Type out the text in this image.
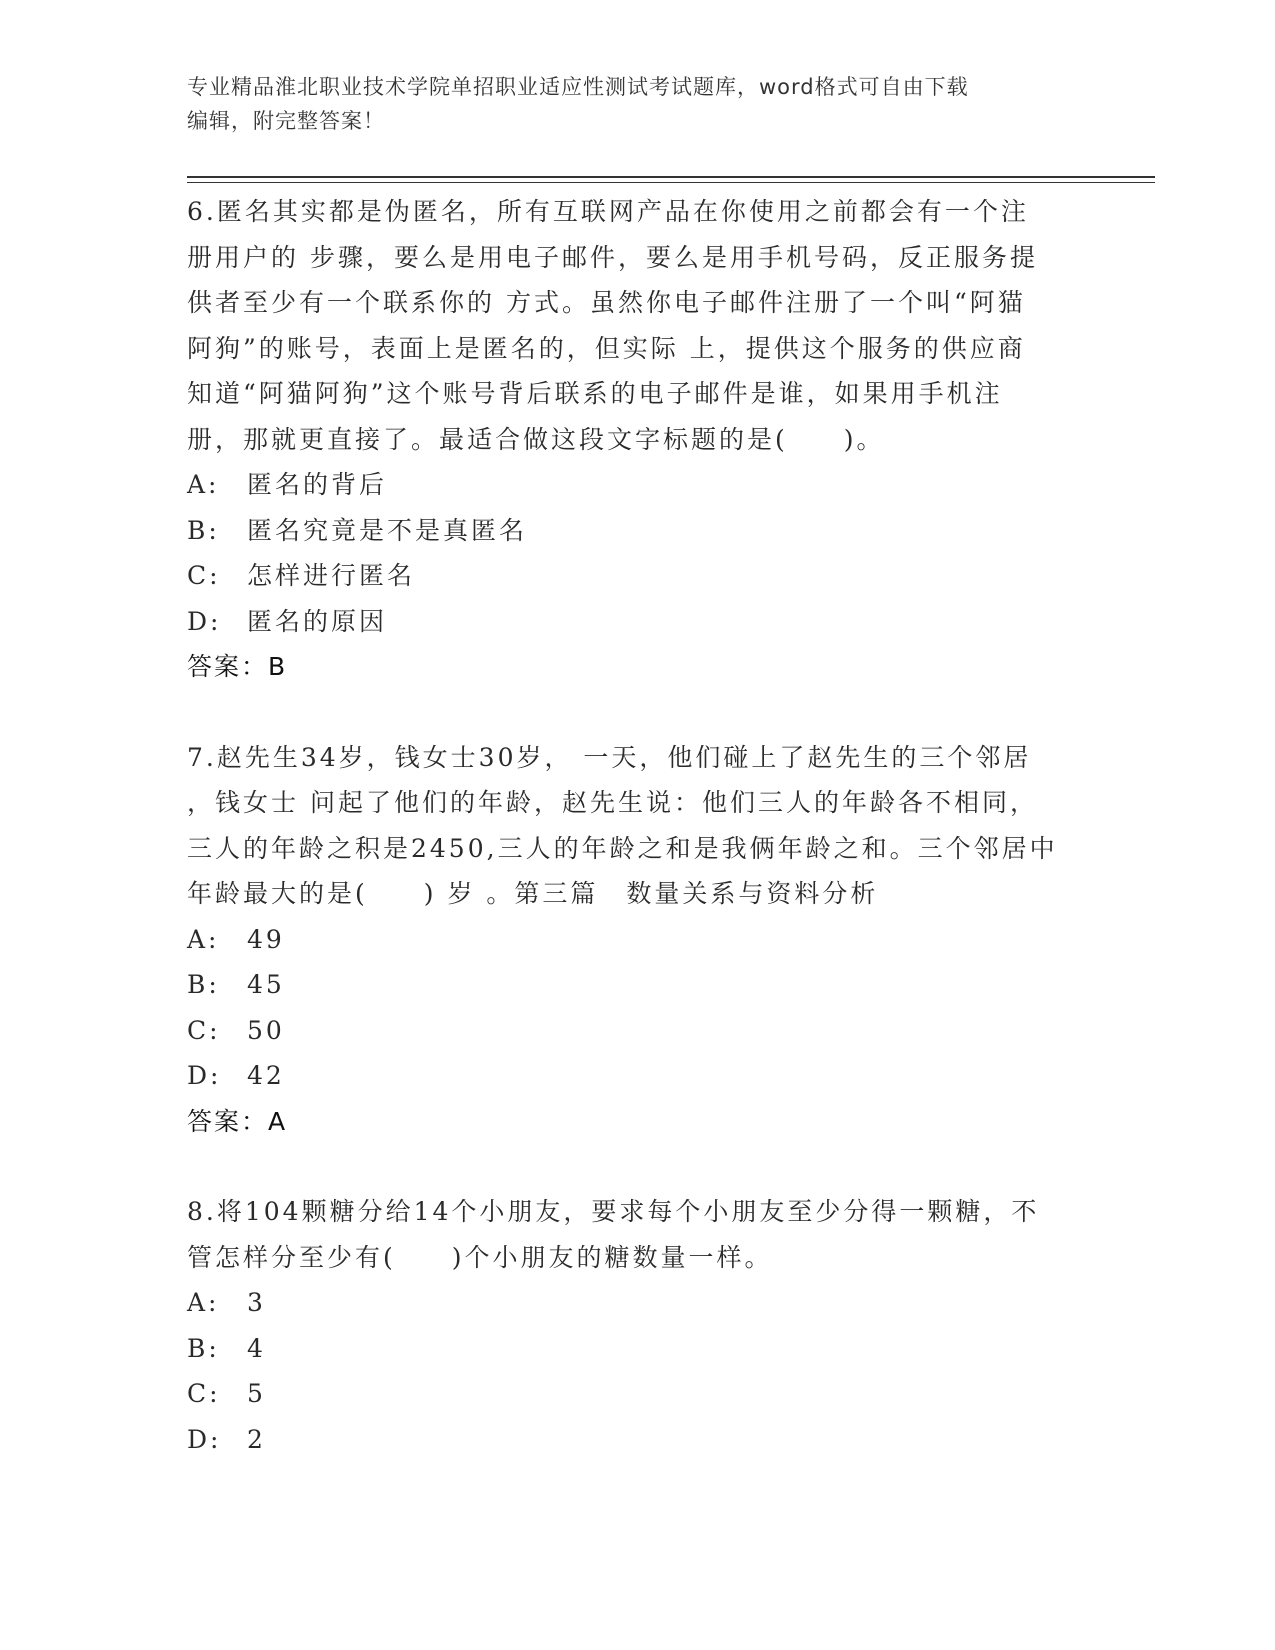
专业精品淮北职业技术学院单招职业适应性测试考试题库，word格式可自由下载
编辑，附完整答案！

6.匿名其实都是伪匿名，所有互联网产品在你使用之前都会有一个注

册用户的 步骤，要么是用电子邮件，要么是用手机号码，反正服务提

供者至少有一个联系你的 方式。虽然你电子邮件注册了一个叫“阿猫

阿狗”的账号，表面上是匿名的，但实际 上，提供这个服务的供应商

知道“阿猫阿狗”这个账号背后联系的电子邮件是谁，如果用手机注

册，那就更直接了。最适合做这段文字标题的是(　　)。

A: 匿名的背后

B: 匿名究竟是不是真匿名

C: 怎样进行匿名

D: 匿名的原因

答案：B

7.赵先生34岁，钱女士30岁， 一天，他们碰上了赵先生的三个邻居

，钱女士 问起了他们的年龄，赵先生说：他们三人的年龄各不相同，

三人的年龄之积是2450,三人的年龄之和是我俩年龄之和。三个邻居中

年龄最大的是(　　) 岁 。第三篇　数量关系与资料分析

A: 49

B: 45

C: 50

D: 42

答案：A

8.将104颗糖分给14个小朋友，要求每个小朋友至少分得一颗糖，不

管怎样分至少有(　　)个小朋友的糖数量一样。

A: 3

B: 4

C: 5

D: 2
